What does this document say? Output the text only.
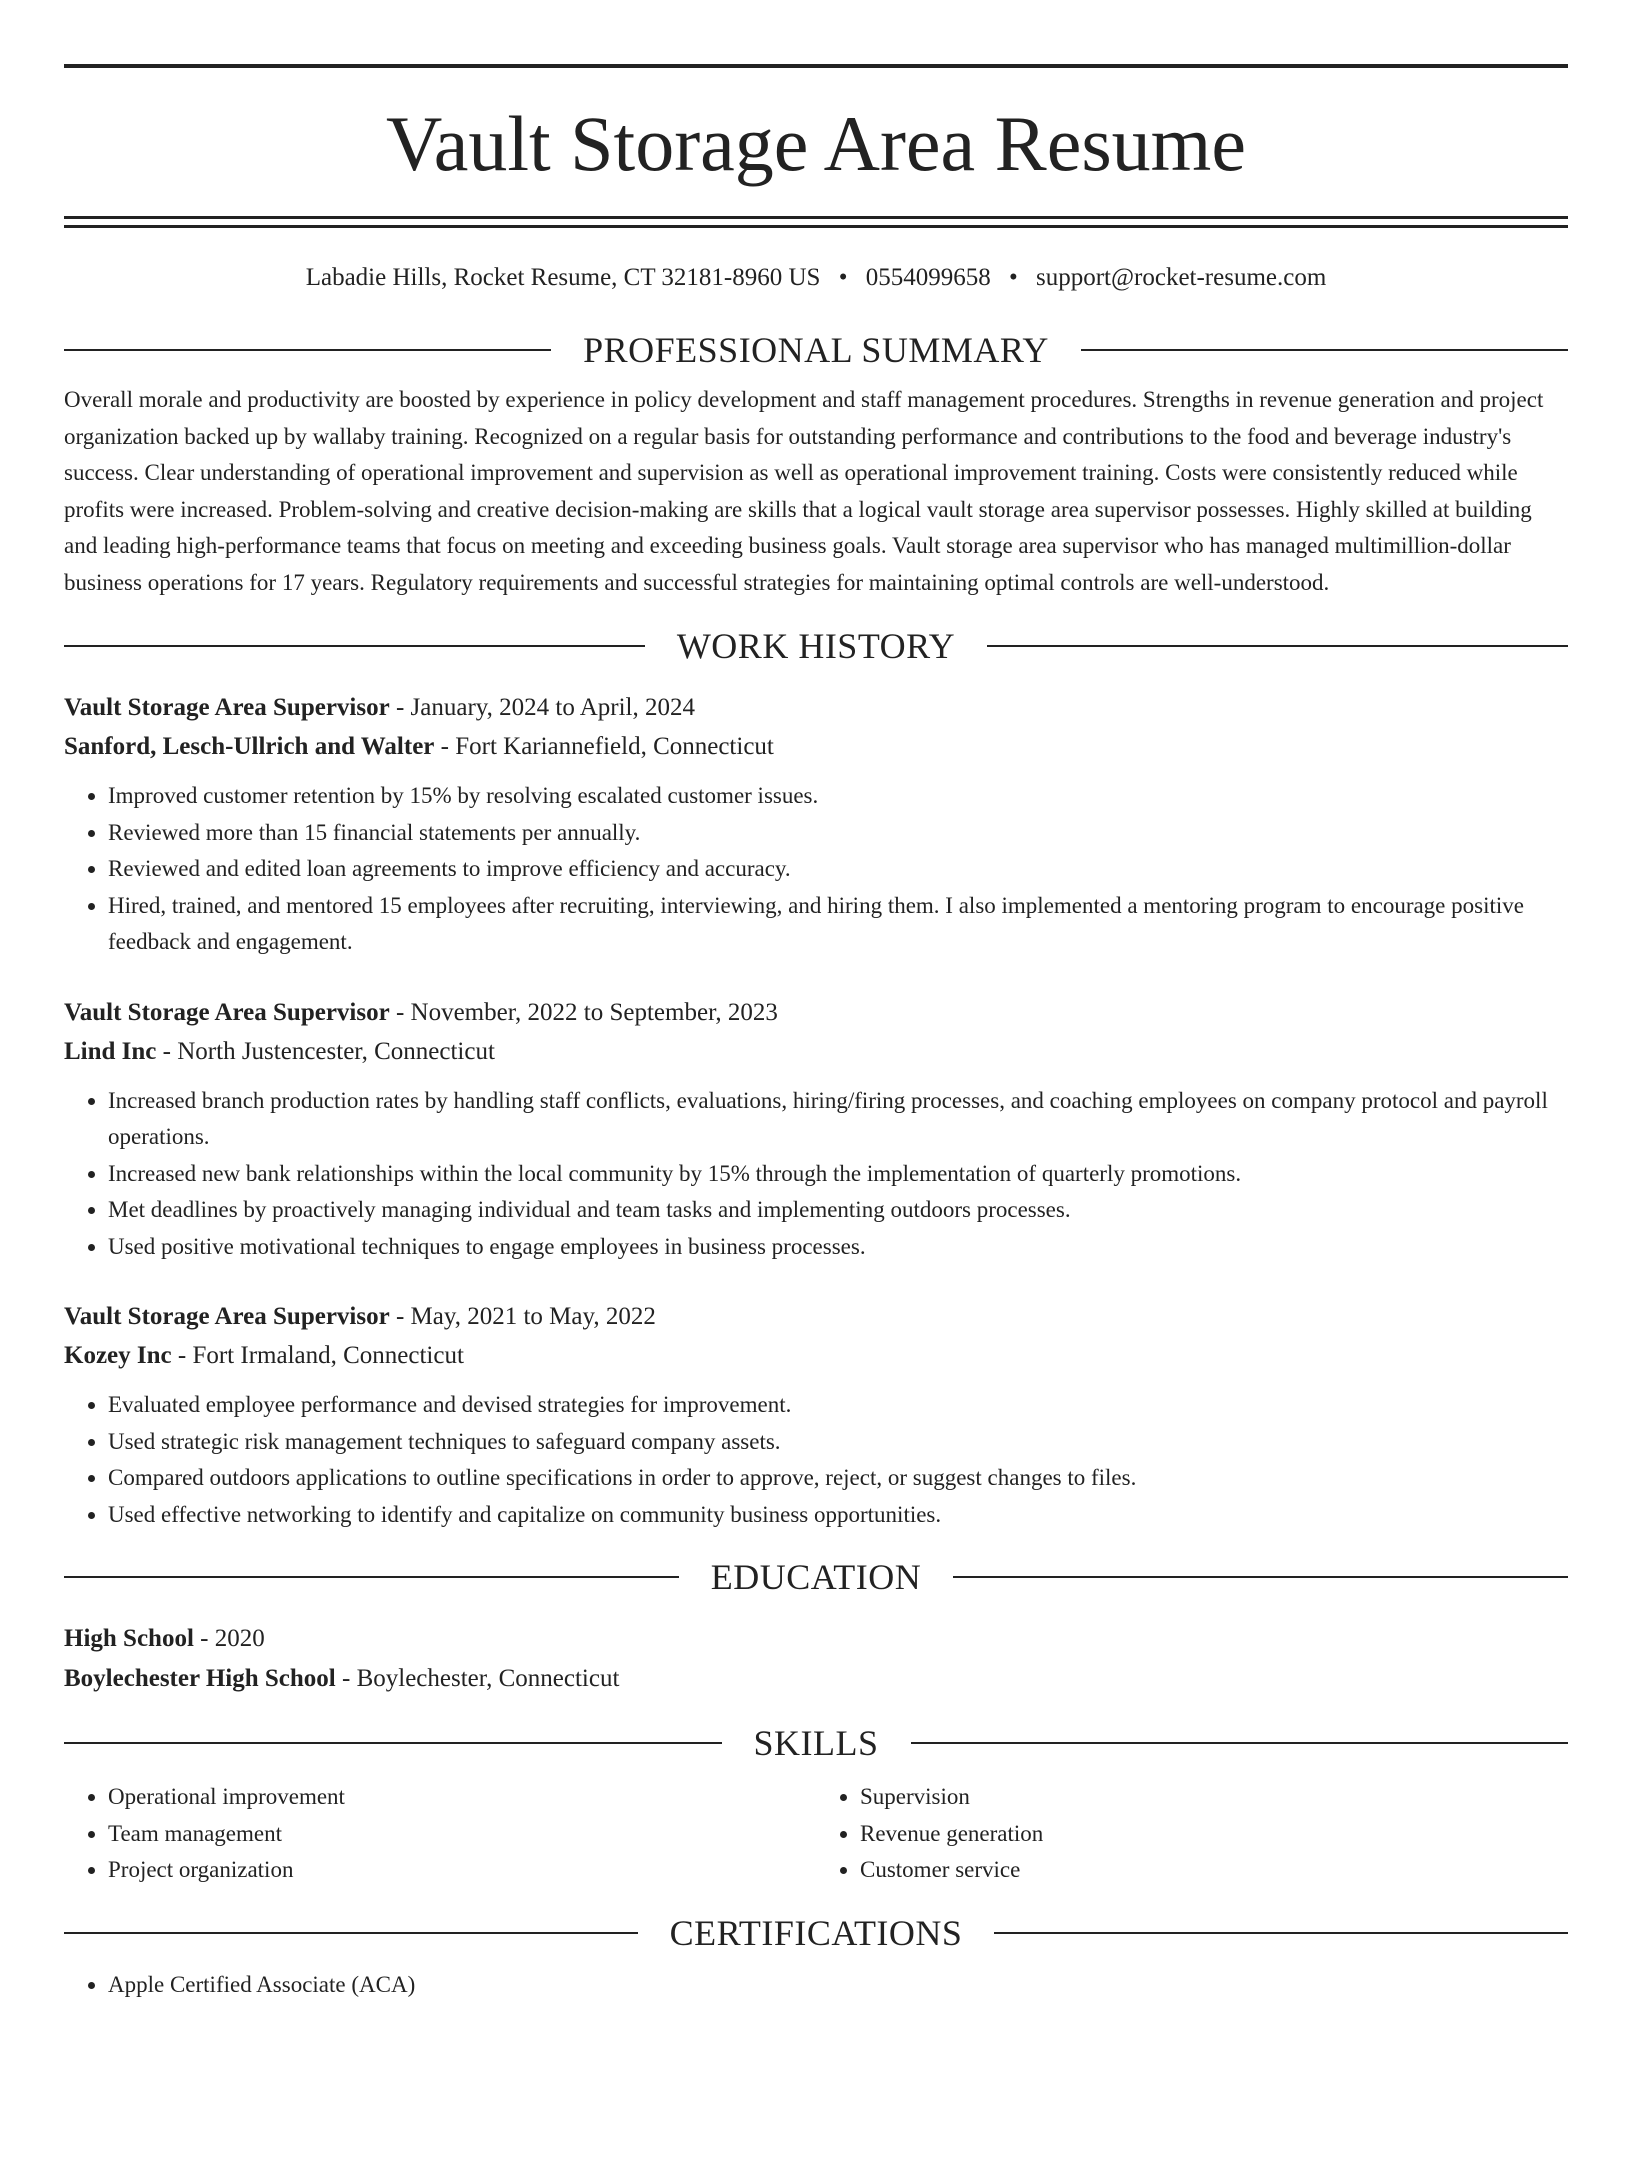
Vault Storage Area Resume
Labadie Hills, Rocket Resume, CT 32181-8960 US • 0554099658 • support@rocket-resume.com
PROFESSIONAL SUMMARY

Overall morale and productivity are boosted by experience in policy development and staff management procedures. Strengths in revenue generation and project organization backed up by wallaby training. Recognized on a regular basis for outstanding performance and contributions to the food and beverage industry's success. Clear understanding of operational improvement and supervision as well as operational improvement training. Costs were consistently reduced while profits were increased. Problem-solving and creative decision-making are skills that a logical vault storage area supervisor possesses. Highly skilled at building and leading high-performance teams that focus on meeting and exceeding business goals. Vault storage area supervisor who has managed multimillion-dollar business operations for 17 years. Regulatory requirements and successful strategies for maintaining optimal controls are well-understood.

WORK HISTORY
Vault Storage Area Supervisor - January, 2024 to April, 2024
Sanford, Lesch-Ullrich and Walter - Fort Kariannefield, Connecticut
• Improved customer retention by 15% by resolving escalated customer issues.
• Reviewed more than 15 financial statements per annually.
• Reviewed and edited loan agreements to improve efficiency and accuracy.
• Hired, trained, and mentored 15 employees after recruiting, interviewing, and hiring them. I also implemented a mentoring program to encourage positive feedback and engagement.
Vault Storage Area Supervisor - November, 2022 to September, 2023
Lind Inc - North Justencester, Connecticut
• Increased branch production rates by handling staff conflicts, evaluations, hiring/firing processes, and coaching employees on company protocol and payroll operations.
• Increased new bank relationships within the local community by 15% through the implementation of quarterly promotions.
• Met deadlines by proactively managing individual and team tasks and implementing outdoors processes.
• Used positive motivational techniques to engage employees in business processes.
Vault Storage Area Supervisor - May, 2021 to May, 2022
Kozey Inc - Fort Irmaland, Connecticut
• Evaluated employee performance and devised strategies for improvement.
• Used strategic risk management techniques to safeguard company assets.
• Compared outdoors applications to outline specifications in order to approve, reject, or suggest changes to files.
• Used effective networking to identify and capitalize on community business opportunities.
EDUCATION
High School - 2020
Boylechester High School - Boylechester, Connecticut
SKILLS
• Operational improvement
• Team management
• Project organization
• Supervision
• Revenue generation
• Customer service
CERTIFICATIONS
• Apple Certified Associate (ACA)
